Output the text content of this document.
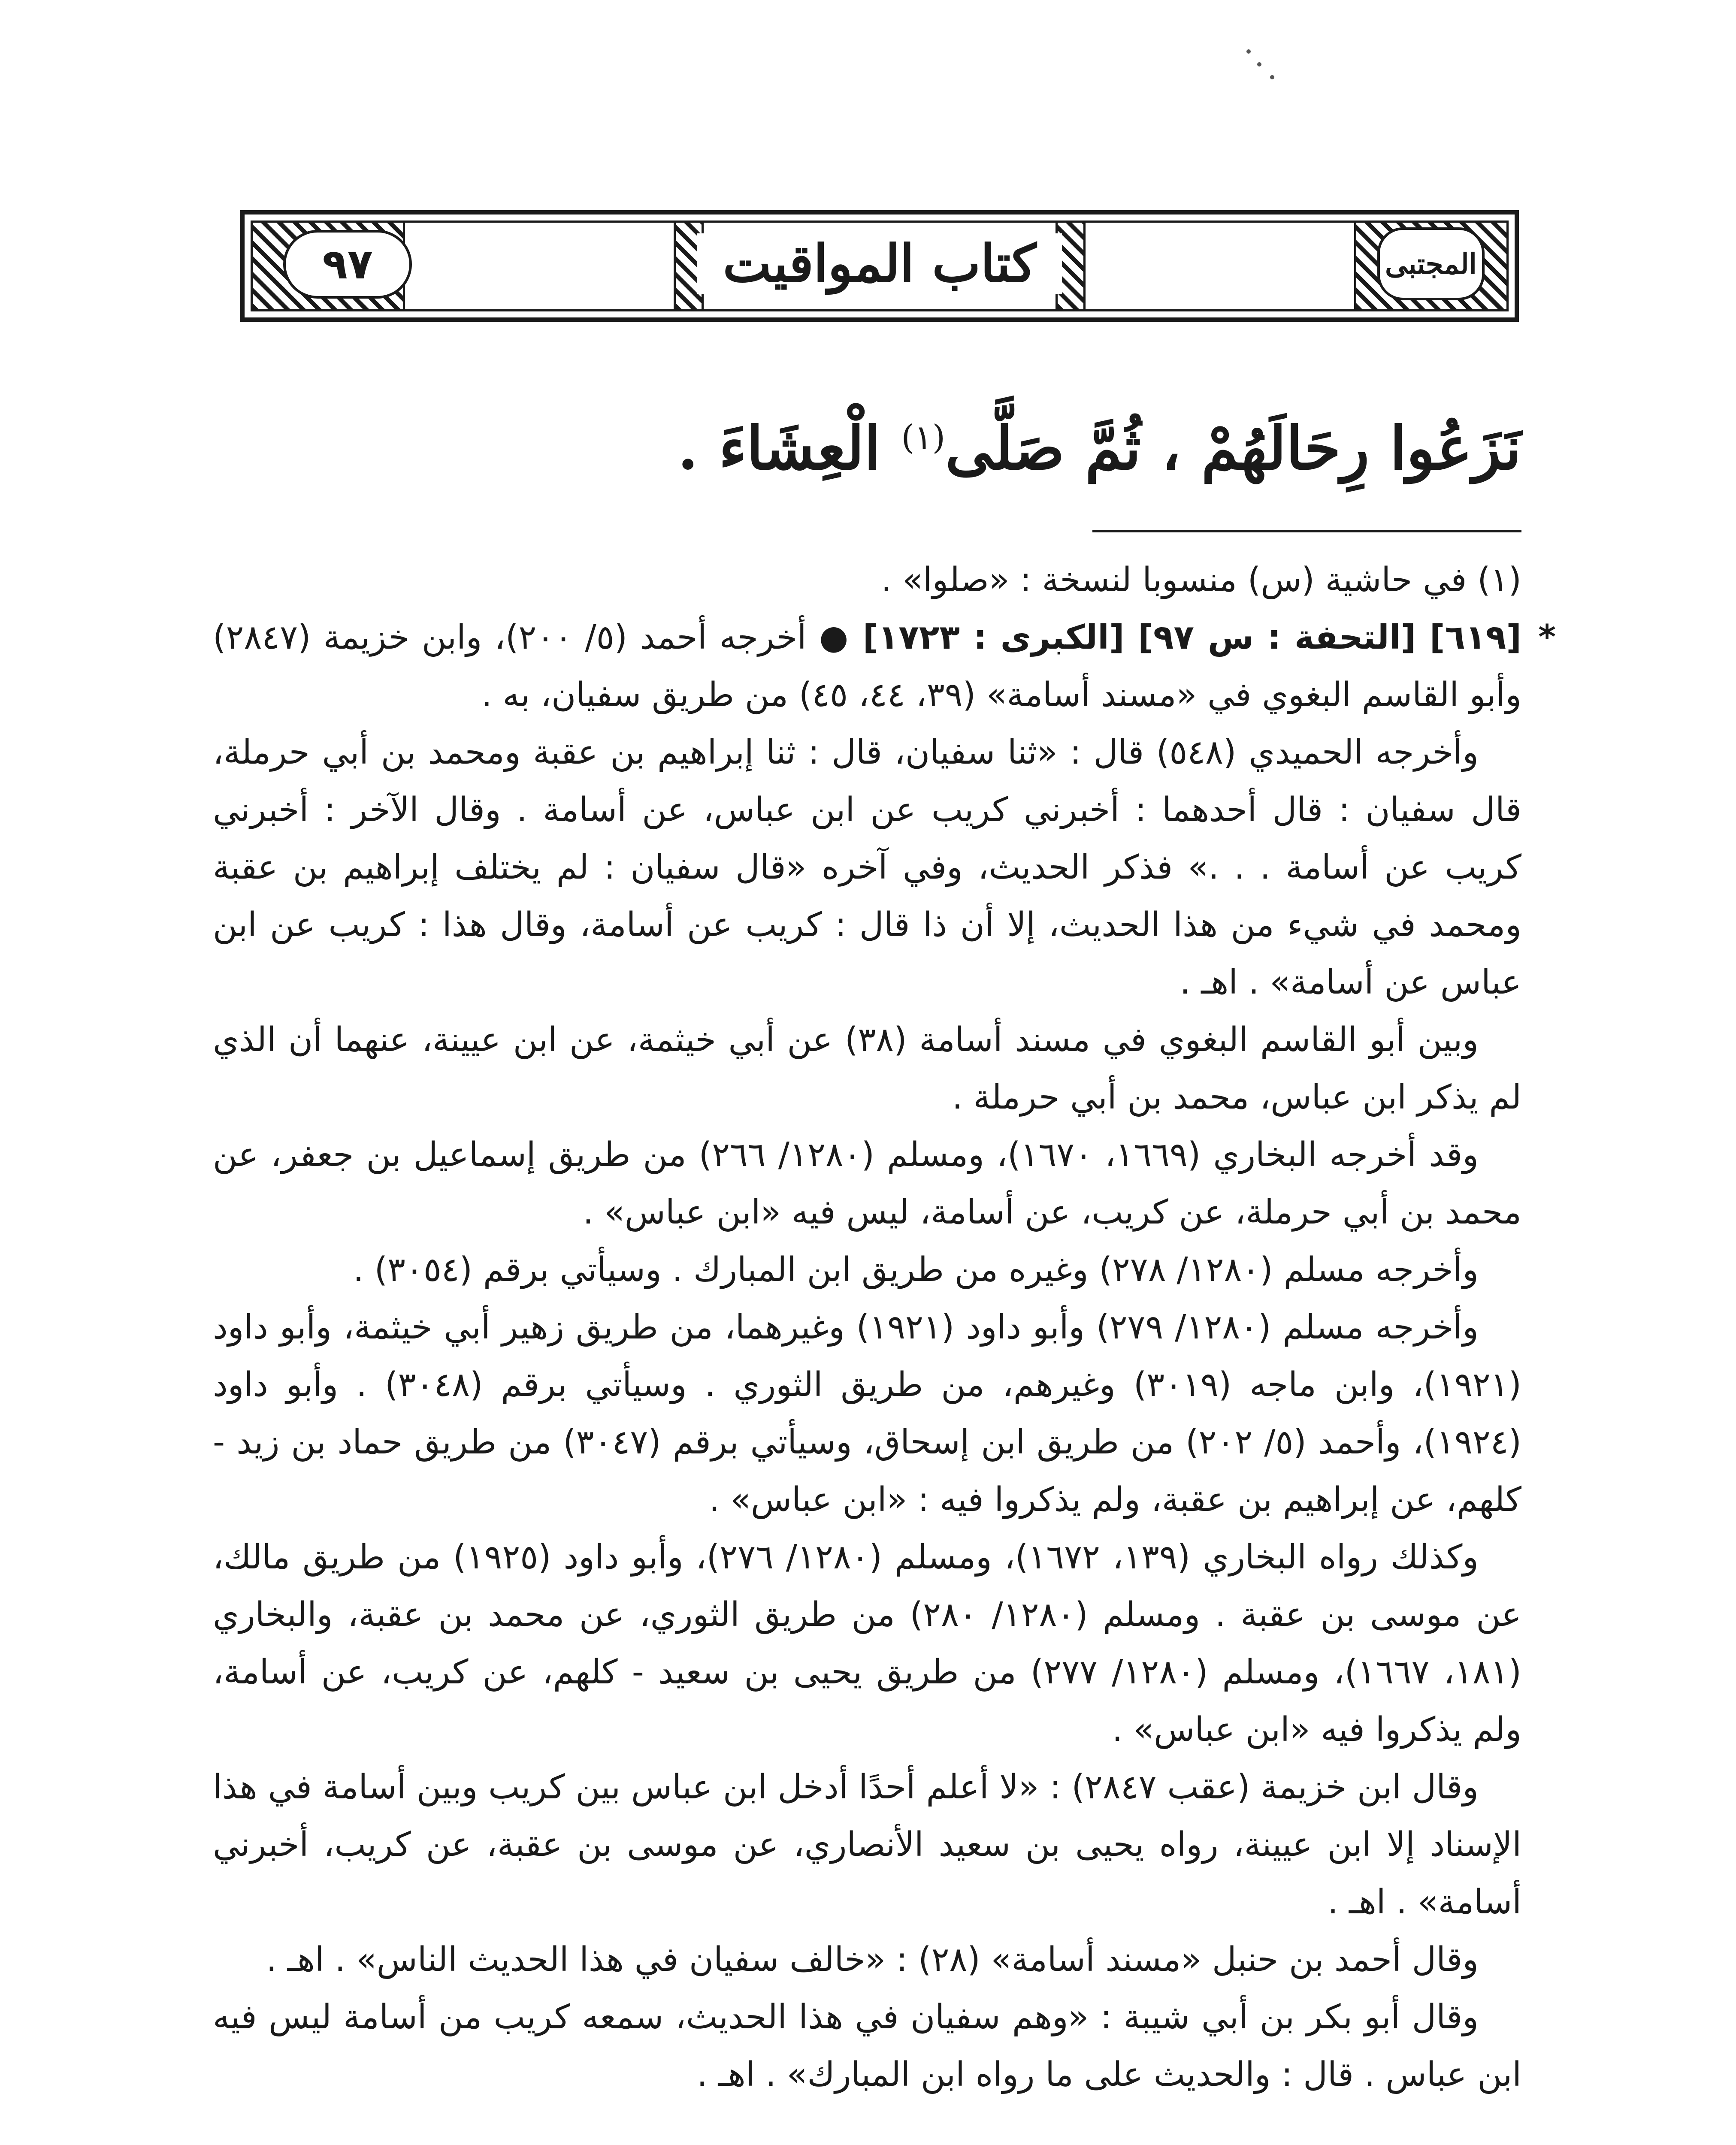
٩٧	المجتبى
كتاب المواقيت
نَزَعُوا رِحَالَهُمْ ، ثُمَّ صَلَّى$^{(١)}$ الْعِشَاءَ .

(١) في حاشية (س) منسوبا لنسخة : «صلوا» .

*
[٦١٩] [التحفة : س ٩٧] [الكبرى : ١٧٢٣] ● أخرجه أحمد (٥/ ٢٠٠)، وابن خزيمة (٢٨٤٧) وأبو القاسم البغوي في «مسند أسامة» (٣٩، ٤٤، ٤٥) من طريق سفيان، به .

وأخرجه الحميدي (٥٤٨) قال : «ثنا سفيان، قال : ثنا إبراهيم بن عقبة ومحمد بن أبي حرملة، قال سفيان : قال أحدهما : أخبرني كريب عن ابن عباس، عن أسامة . وقال الآخر : أخبرني كريب عن أسامة . . .» فذكر الحديث، وفي آخره «قال سفيان : لم يختلف إبراهيم بن عقبة ومحمد في شيء من هذا الحديث، إلا أن ذا قال : كريب عن أسامة، وقال هذا : كريب عن ابن عباس عن أسامة» . اهـ .

وبين أبو القاسم البغوي في مسند أسامة (٣٨) عن أبي خيثمة، عن ابن عيينة، عنهما أن الذي لم يذكر ابن عباس، محمد بن أبي حرملة .

وقد أخرجه البخاري (١٦٦٩، ١٦٧٠)، ومسلم (١٢٨٠/ ٢٦٦) من طريق إسماعيل بن جعفر، عن محمد بن أبي حرملة، عن كريب، عن أسامة، ليس فيه «ابن عباس» .

وأخرجه مسلم (١٢٨٠/ ٢٧٨) وغيره من طريق ابن المبارك . وسيأتي برقم (٣٠٥٤) .

وأخرجه مسلم (١٢٨٠/ ٢٧٩) وأبو داود (١٩٢١) وغيرهما، من طريق زهير أبي خيثمة، وأبو داود (١٩٢١)، وابن ماجه (٣٠١٩) وغيرهم، من طريق الثوري . وسيأتي برقم (٣٠٤٨) . وأبو داود (١٩٢٤)، وأحمد (٥/ ٢٠٢) من طريق ابن إسحاق، وسيأتي برقم (٣٠٤٧) من طريق حماد بن زيد - كلهم، عن إبراهيم بن عقبة، ولم يذكروا فيه : «ابن عباس» .

وكذلك رواه البخاري (١٣٩، ١٦٧٢)، ومسلم (١٢٨٠/ ٢٧٦)، وأبو داود (١٩٢٥) من طريق مالك، عن موسى بن عقبة . ومسلم (١٢٨٠/ ٢٨٠) من طريق الثوري، عن محمد بن عقبة، والبخاري (١٨١، ١٦٦٧)، ومسلم (١٢٨٠/ ٢٧٧) من طريق يحيى بن سعيد - كلهم، عن كريب، عن أسامة، ولم يذكروا فيه «ابن عباس» .

وقال ابن خزيمة (عقب ٢٨٤٧) : «لا أعلم أحدًا أدخل ابن عباس بين كريب وبين أسامة في هذا الإسناد إلا ابن عيينة، رواه يحيى بن سعيد الأنصاري، عن موسى بن عقبة، عن كريب، أخبرني أسامة» . اهـ .

وقال أحمد بن حنبل «مسند أسامة» (٢٨) : «خالف سفيان في هذا الحديث الناس» . اهـ .

وقال أبو بكر بن أبي شيبة : «وهم سفيان في هذا الحديث، سمعه كريب من أسامة ليس فيه ابن عباس . قال : والحديث على ما رواه ابن المبارك» . اهـ .
